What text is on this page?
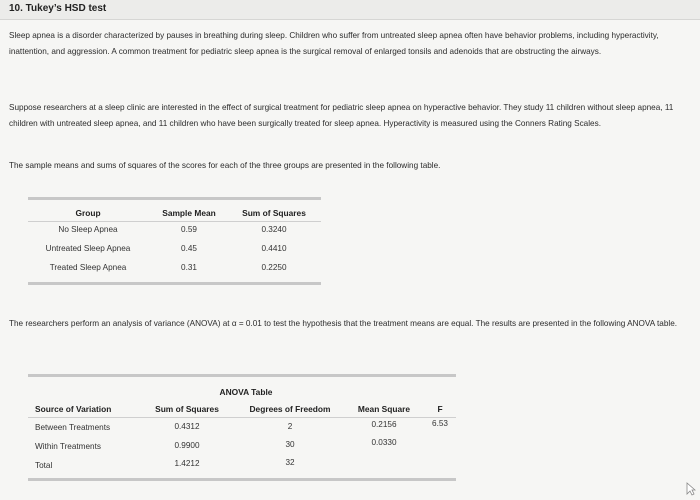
10. Tukey’s HSD test
Sleep apnea is a disorder characterized by pauses in breathing during sleep. Children who suffer from untreated sleep apnea often have behavior problems, including hyperactivity, inattention, and aggression. A common treatment for pediatric sleep apnea is the surgical removal of enlarged tonsils and adenoids that are obstructing the airways.
Suppose researchers at a sleep clinic are interested in the effect of surgical treatment for pediatric sleep apnea on hyperactive behavior. They study 11 children without sleep apnea, 11 children with untreated sleep apnea, and 11 children who have been surgically treated for sleep apnea. Hyperactivity is measured using the Conners Rating Scales.
The sample means and sums of squares of the scores for each of the three groups are presented in the following table.
Group	Sample Mean	Sum of Squares
No Sleep Apnea	0.59	0.3240
Untreated Sleep Apnea	0.45	0.4410
Treated Sleep Apnea	0.31	0.2250
The researchers perform an analysis of variance (ANOVA) at α = 0.01 to test the hypothesis that the treatment means are equal. The results are presented in the following ANOVA table.
ANOVA Table
Source of Variation	Sum of Squares	Degrees of Freedom	Mean Square	F
Between Treatments	0.4312	2	0.2156	6.53
Within Treatments	0.9900	30	0.0330
Total	1.4212	32
